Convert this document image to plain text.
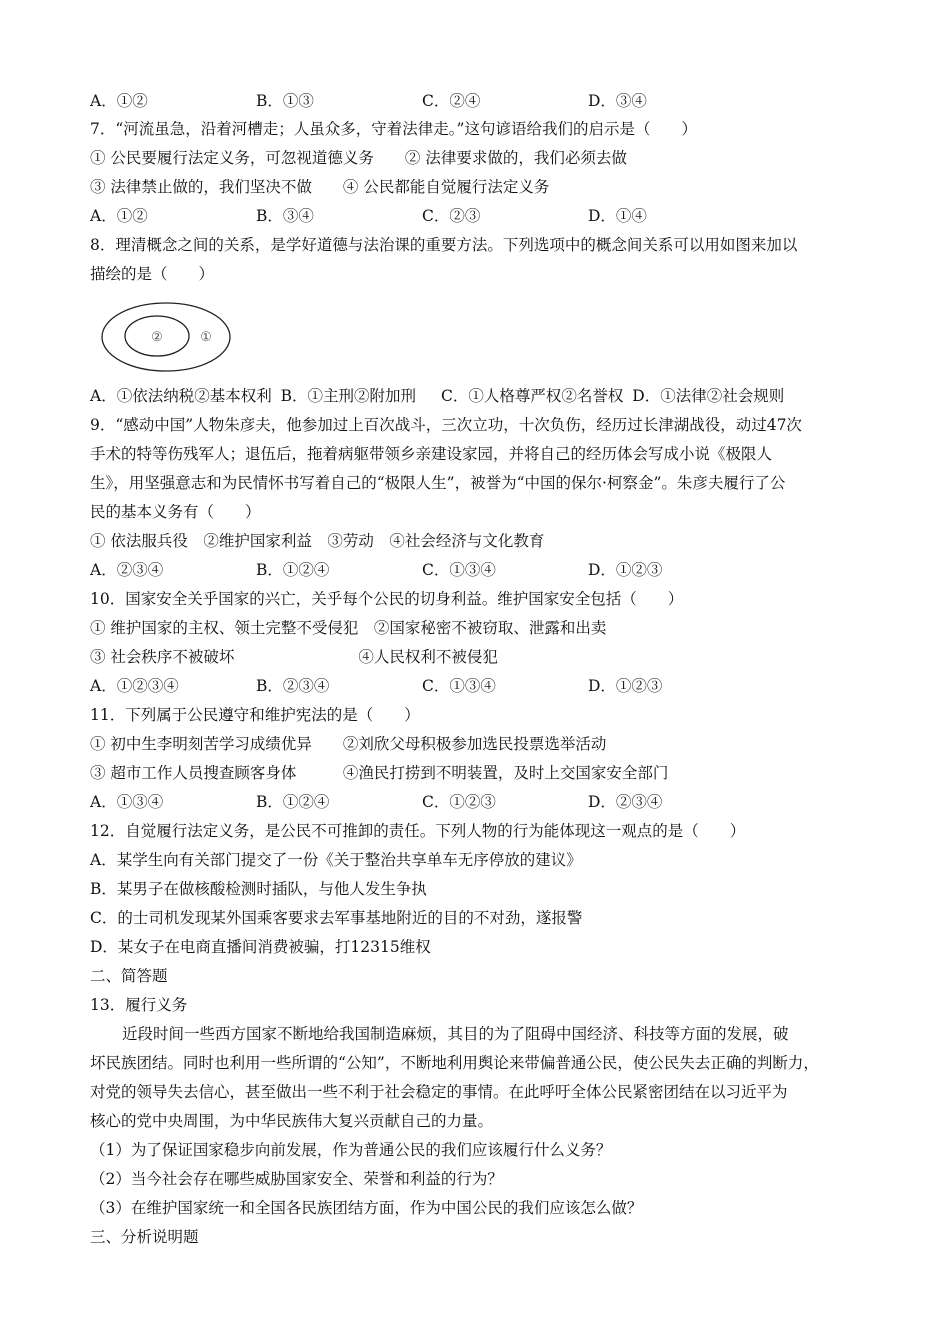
A．①②	B．①③	C．②④	D．③④
7．“河流虽急，沿着河槽走；人虽众多，守着法律走。”这句谚语给我们的启示是（　　）
① 公民要履行法定义务，可忽视道德义务　　② 法律要求做的，我们必须去做
③ 法律禁止做的，我们坚决不做　　④ 公民都能自觉履行法定义务
A．①②	B．③④	C．②③	D．①④
8．理清概念之间的关系，是学好道德与法治课的重要方法。下列选项中的概念间关系可以用如图来加以
描绘的是（　　）
②	①
A．①依法纳税②基本权利 B．①主刑②附加刑 C．①人格尊严权②名誉权 D．①法律②社会规则
9．“感动中国”人物朱彦夫，他参加过上百次战斗，三次立功，十次负伤，经历过长津湖战役，动过47次
手术的特等伤残军人；退伍后，拖着病躯带领乡亲建设家园，并将自己的经历体会写成小说《极限人
生》，用坚强意志和为民情怀书写着自己的“极限人生”，被誉为“中国的保尔·柯察金”。朱彦夫履行了公
民的基本义务有（　　）
① 依法服兵役　②维护国家利益　③劳动　④社会经济与文化教育
A．②③④	B．①②④	C．①③④	D．①②③
10．国家安全关乎国家的兴亡，关乎每个公民的切身利益。维护国家安全包括（　　）
① 维护国家的主权、领土完整不受侵犯　②国家秘密不被窃取、泄露和出卖
③ 社会秩序不被破坏　　　　　　　　④人民权利不被侵犯
A．①②③④	B．②③④	C．①③④	D．①②③
11．下列属于公民遵守和维护宪法的是（　　）
① 初中生李明刻苦学习成绩优异　　②刘欣父母积极参加选民投票选举活动
③ 超市工作人员搜查顾客身体　　　④渔民打捞到不明装置，及时上交国家安全部门
A．①③④	B．①②④	C．①②③	D．②③④
12．自觉履行法定义务，是公民不可推卸的责任。下列人物的行为能体现这一观点的是（　　）
A．某学生向有关部门提交了一份《关于整治共享单车无序停放的建议》
B．某男子在做核酸检测时插队，与他人发生争执
C．的士司机发现某外国乘客要求去军事基地附近的目的不对劲，遂报警
D．某女子在电商直播间消费被骗，打12315维权
二、简答题
13．履行义务
近段时间一些西方国家不断地给我国制造麻烦，其目的为了阻碍中国经济、科技等方面的发展，破
坏民族团结。同时也利用一些所谓的“公知”，不断地利用舆论来带偏普通公民，使公民失去正确的判断力，
对党的领导失去信心，甚至做出一些不利于社会稳定的事情。在此呼吁全体公民紧密团结在以习近平为
核心的党中央周围，为中华民族伟大复兴贡献自己的力量。
（1）为了保证国家稳步向前发展，作为普通公民的我们应该履行什么义务？
（2）当今社会存在哪些威胁国家安全、荣誉和利益的行为？
（3）在维护国家统一和全国各民族团结方面，作为中国公民的我们应该怎么做？
三、分析说明题
